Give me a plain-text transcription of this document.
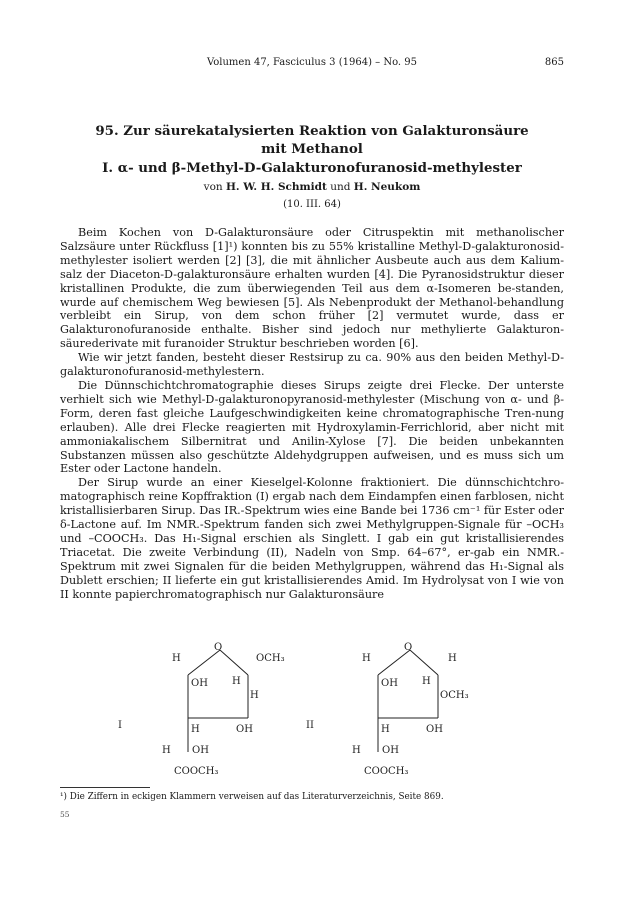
Volumen 47, Fasciculus 3 (1964) – No. 95	865
95. Zur säurekatalysierten Reaktion von Galakturonsäure
mit Methanol
I. α- und β-Methyl-D-Galakturonofuranosid-methylester
von H. W. H. Schmidt und H. Neukom
(10. III. 64)

Beim Kochen von D-Galakturonsäure oder Citruspektin mit methanolischer Salzsäure unter Rückfluss [1]¹) konnten bis zu 55% kristalline Methyl-D-galakturonosid-methylester isoliert werden [2] [3], die mit ähnlicher Ausbeute auch aus dem Kalium-salz der Diaceton-D-galakturonsäure erhalten wurden [4]. Die Pyranosidstruktur dieser kristallinen Produkte, die zum überwiegenden Teil aus dem α-Isomeren be-standen, wurde auf chemischem Weg bewiesen [5]. Als Nebenprodukt der Methanol-behandlung verbleibt ein Sirup, von dem schon früher [2] vermutet wurde, dass er Galakturonofuranoside enthalte. Bisher sind jedoch nur methylierte Galakturon-säurederivate mit furanoider Struktur beschrieben worden [6].

Wie wir jetzt fanden, besteht dieser Restsirup zu ca. 90% aus den beiden Methyl-D-galakturonofuranosid-methylestern.

Die Dünnschichtchromatographie dieses Sirups zeigte drei Flecke. Der unterste verhielt sich wie Methyl-D-galakturonopyranosid-methylester (Mischung von α- und β-Form, deren fast gleiche Laufgeschwindigkeiten keine chromatographische Tren-nung erlauben). Alle drei Flecke reagierten mit Hydroxylamin-Ferrichlorid, aber nicht mit ammoniakalischem Silbernitrat und Anilin-Xylose [7]. Die beiden unbekannten Substanzen müssen also geschützte Aldehydgruppen aufweisen, und es muss sich um Ester oder Lactone handeln.

Der Sirup wurde an einer Kieselgel-Kolonne fraktioniert. Die dünnschichtchro-matographisch reine Kopffraktion (I) ergab nach dem Eindampfen einen farblosen, nicht kristallisierbaren Sirup. Das IR.-Spektrum wies eine Bande bei 1736 cm⁻¹ für Ester oder δ-Lactone auf. Im NMR.-Spektrum fanden sich zwei Methylgruppen-Signale für –OCH₃ und –COOCH₃. Das H₁-Signal erschien als Singlett. I gab ein gut kristallisierendes Triacetat. Die zweite Verbindung (II), Nadeln von Smp. 64–67°, er-gab ein NMR.-Spektrum mit zwei Signalen für die beiden Methylgruppen, während das H₁-Signal als Dublett erschien; II lieferte ein gut kristallisierendes Amid. Im Hydrolysat von I wie von II konnte papierchromatographisch nur Galakturonsäure

I
H
O
OCH₃
OH H
H
H	OH
H OH
COOCH₃
II
H
O
H
OH H
OCH₃
H	OH
H OH
COOCH₃
¹) Die Ziffern in eckigen Klammern verweisen auf das Literaturverzeichnis, Seite 869.
55
